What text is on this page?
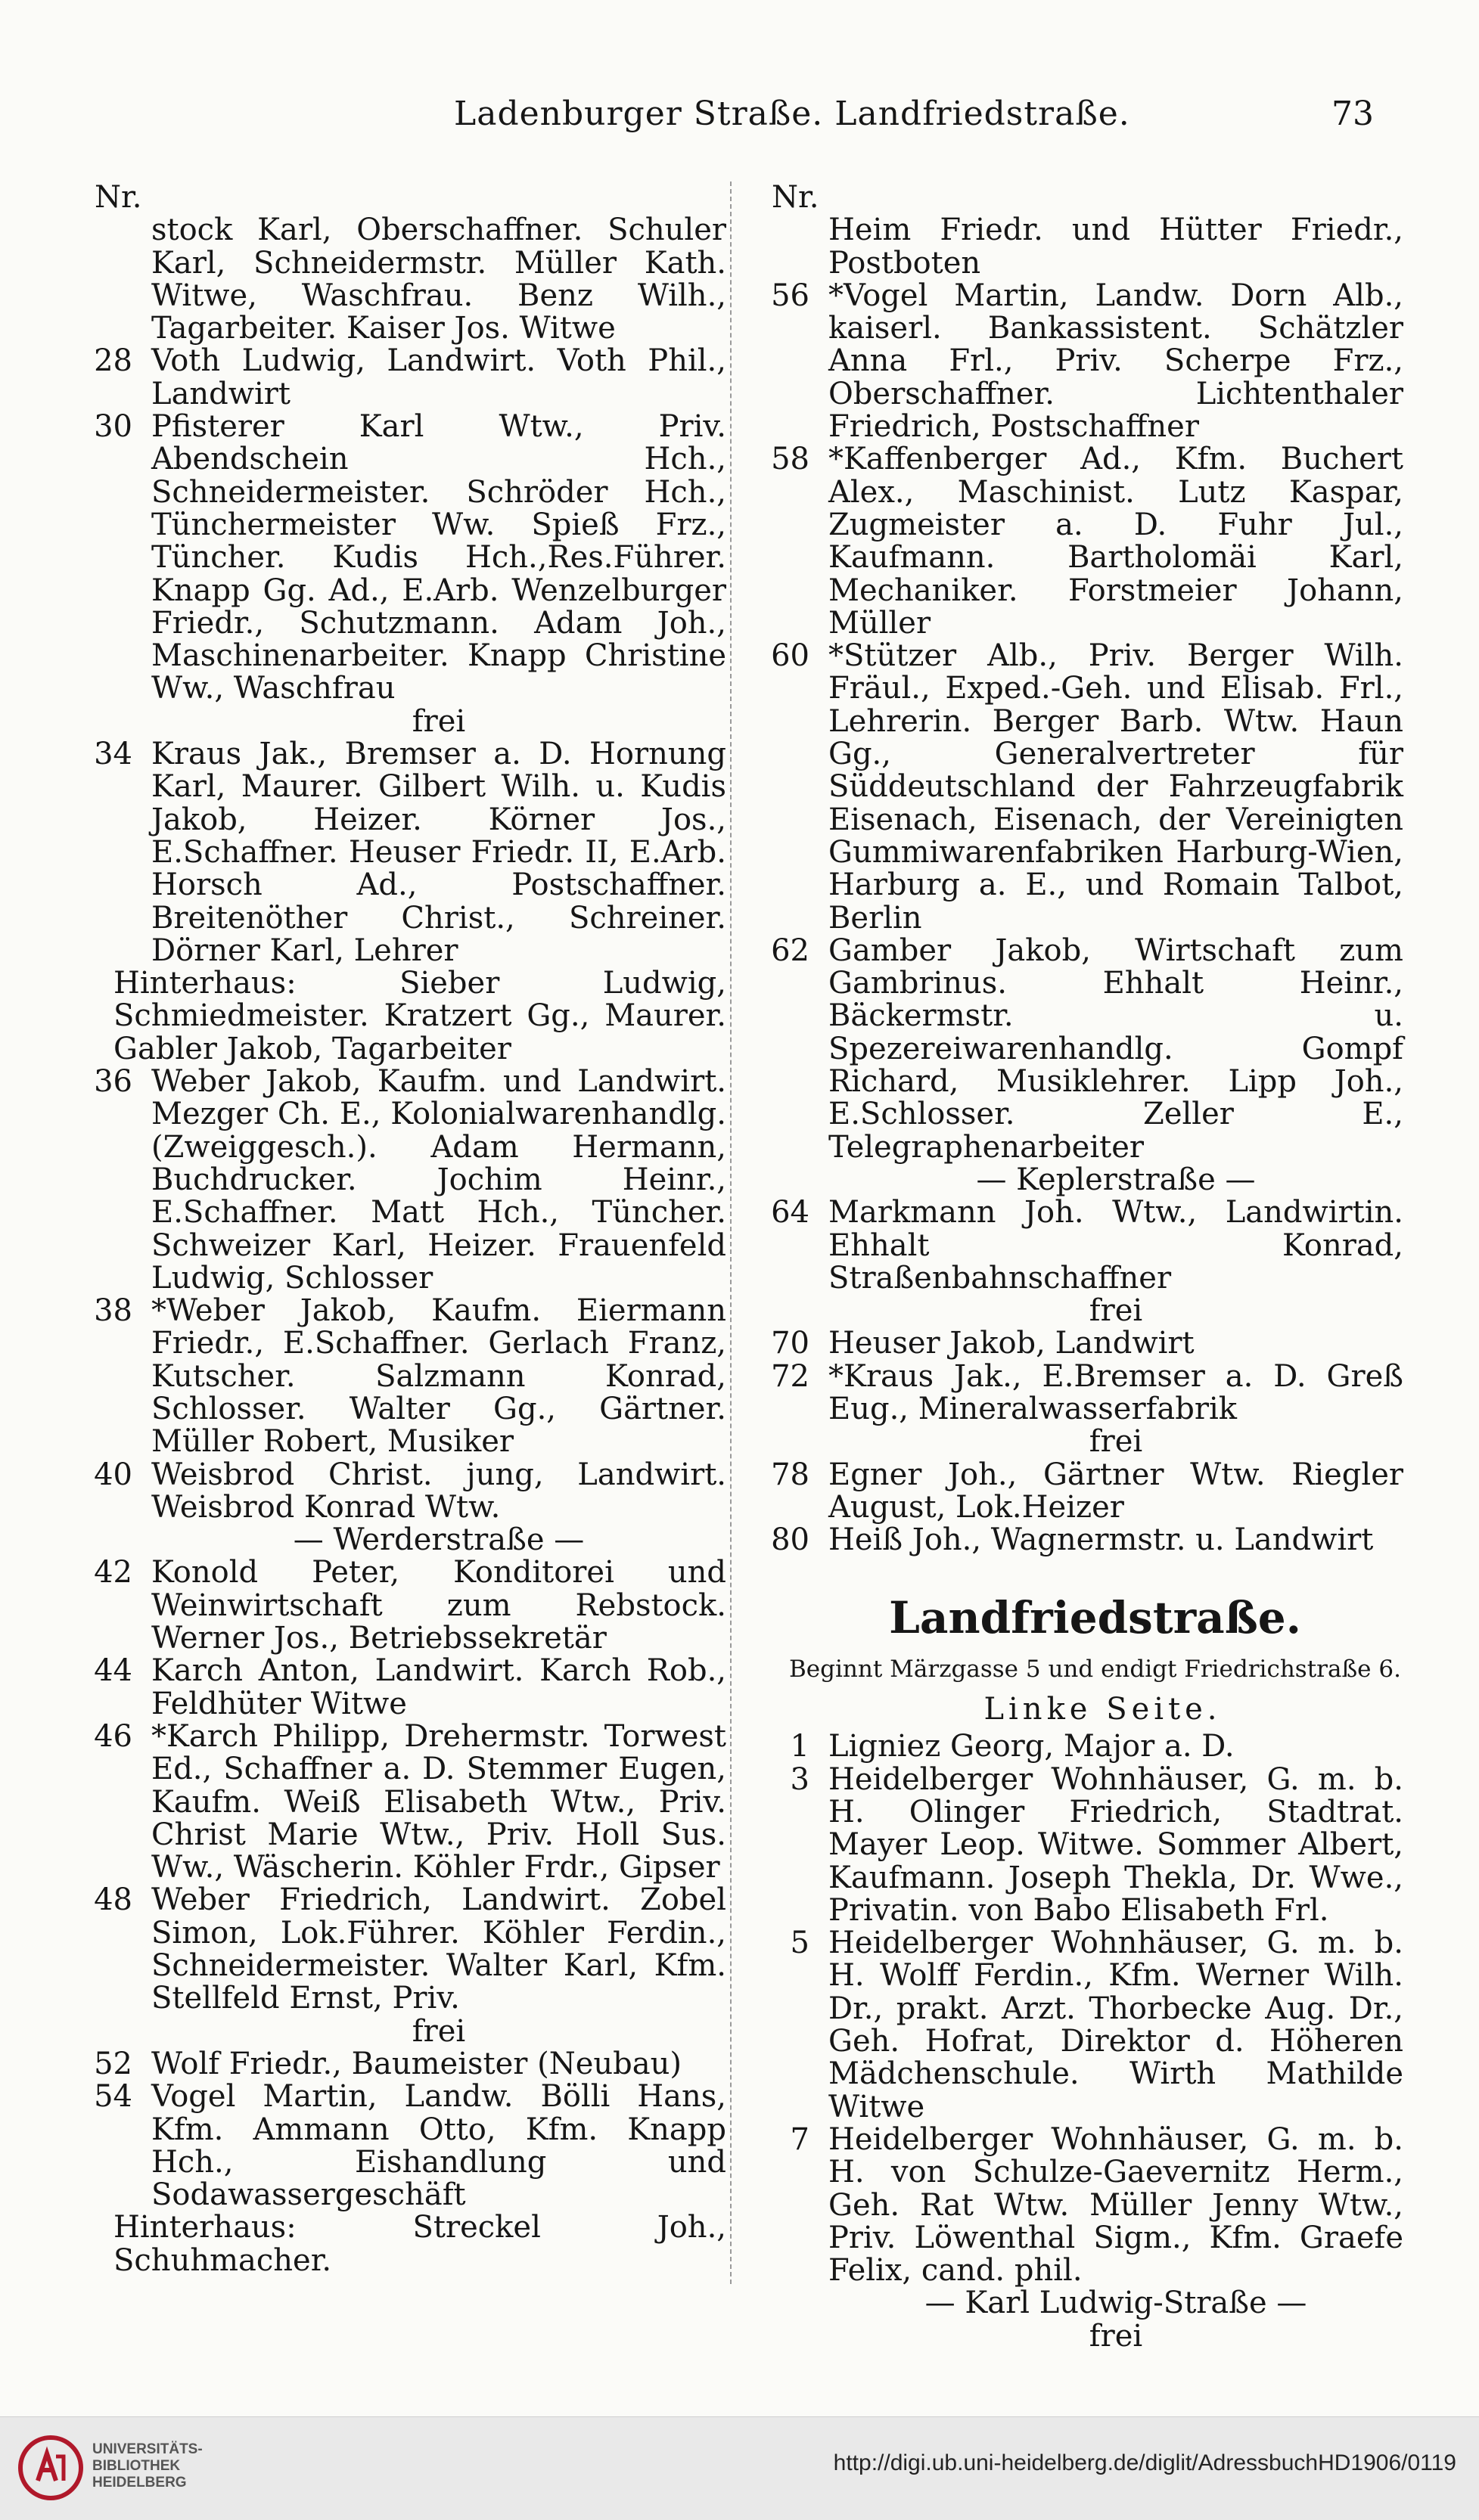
Ladenburger Straße. Landfriedstraße.	73
Nr.
stock Karl, Oberschaffner. Schuler Karl, Schneidermstr. Müller Kath. Witwe, Waschfrau. Benz Wilh., Tagarbeiter. Kaiser Jos. Witwe
28 Voth Ludwig, Landwirt. Voth Phil., Landwirt
30 Pfisterer Karl Wtw., Priv. Abendschein Hch., Schneidermeister. Schröder Hch., Tünchermeister Ww. Spieß Frz., Tüncher. Kudis Hch.,Res.Führer. Knapp Gg. Ad., E.Arb. Wenzelburger Friedr., Schutzmann. Adam Joh., Maschinenarbeiter. Knapp Christine Ww., Waschfrau
frei
34 Kraus Jak., Bremser a. D. Hornung Karl, Maurer. Gilbert Wilh. u. Kudis Jakob, Heizer. Körner Jos., E.Schaffner. Heuser Friedr. II, E.Arb. Horsch Ad., Postschaffner. Breitenöther Christ., Schreiner. Dörner Karl, Lehrer
Hinterhaus: Sieber Ludwig, Schmiedmeister. Kratzert Gg., Maurer. Gabler Jakob, Tagarbeiter
36 Weber Jakob, Kaufm. und Landwirt. Mezger Ch. E., Kolonialwarenhandlg. (Zweiggesch.). Adam Hermann, Buchdrucker. Jochim Heinr., E.Schaffner. Matt Hch., Tüncher. Schweizer Karl, Heizer. Frauenfeld Ludwig, Schlosser
38 *Weber Jakob, Kaufm. Eiermann Friedr., E.Schaffner. Gerlach Franz, Kutscher. Salzmann Konrad, Schlosser. Walter Gg., Gärtner. Müller Robert, Musiker
40 Weisbrod Christ. jung, Landwirt. Weisbrod Konrad Wtw.
— Werderstraße —
42 Konold Peter, Konditorei und Weinwirtschaft zum Rebstock. Werner Jos., Betriebssekretär
44 Karch Anton, Landwirt. Karch Rob., Feldhüter Witwe
46 *Karch Philipp, Drehermstr. Torwest Ed., Schaffner a. D. Stemmer Eugen, Kaufm. Weiß Elisabeth Wtw., Priv. Christ Marie Wtw., Priv. Holl Sus. Ww., Wäscherin. Köhler Frdr., Gipser
48 Weber Friedrich, Landwirt. Zobel Simon, Lok.Führer. Köhler Ferdin., Schneidermeister. Walter Karl, Kfm. Stellfeld Ernst, Priv.
frei
52 Wolf Friedr., Baumeister (Neubau)
54 Vogel Martin, Landw. Bölli Hans, Kfm. Ammann Otto, Kfm. Knapp Hch., Eishandlung und Sodawassergeschäft
Hinterhaus: Streckel Joh., Schuhmacher.
Nr.
Heim Friedr. und Hütter Friedr., Postboten
56 *Vogel Martin, Landw. Dorn Alb., kaiserl. Bankassistent. Schätzler Anna Frl., Priv. Scherpe Frz., Oberschaffner. Lichtenthaler Friedrich, Postschaffner
58 *Kaffenberger Ad., Kfm. Buchert Alex., Maschinist. Lutz Kaspar, Zugmeister a. D. Fuhr Jul., Kaufmann. Bartholomäi Karl, Mechaniker. Forstmeier Johann, Müller
60 *Stützer Alb., Priv. Berger Wilh. Fräul., Exped.-Geh. und Elisab. Frl., Lehrerin. Berger Barb. Wtw. Haun Gg., Generalvertreter für Süddeutschland der Fahrzeugfabrik Eisenach, Eisenach, der Vereinigten Gummiwarenfabriken Harburg-Wien, Harburg a. E., und Romain Talbot, Berlin
62 Gamber Jakob, Wirtschaft zum Gambrinus. Ehhalt Heinr., Bäckermstr. u. Spezereiwarenhandlg. Gompf Richard, Musiklehrer. Lipp Joh., E.Schlosser. Zeller E., Telegraphenarbeiter
— Keplerstraße —
64 Markmann Joh. Wtw., Landwirtin. Ehhalt Konrad, Straßenbahnschaffner
frei
70 Heuser Jakob, Landwirt
72 *Kraus Jak., E.Bremser a. D. Greß Eug., Mineralwasserfabrik
frei
78 Egner Joh., Gärtner Wtw. Riegler August, Lok.Heizer
80 Heiß Joh., Wagnermstr. u. Landwirt
Landfriedstraße.
Beginnt Märzgasse 5 und endigt Friedrichstraße 6.
Linke Seite.
1 Ligniez Georg, Major a. D.
3 Heidelberger Wohnhäuser, G. m. b. H. Olinger Friedrich, Stadtrat. Mayer Leop. Witwe. Sommer Albert, Kaufmann. Joseph Thekla, Dr. Wwe., Privatin. von Babo Elisabeth Frl.
5 Heidelberger Wohnhäuser, G. m. b. H. Wolff Ferdin., Kfm. Werner Wilh. Dr., prakt. Arzt. Thorbecke Aug. Dr., Geh. Hofrat, Direktor d. Höheren Mädchenschule. Wirth Mathilde Witwe
7 Heidelberger Wohnhäuser, G. m. b. H. von Schulze-Gaevernitz Herm., Geh. Rat Wtw. Müller Jenny Wtw., Priv. Löwenthal Sigm., Kfm. Graefe Felix, cand. phil.
— Karl Ludwig-Straße —
frei
UNIVERSITÄTS-
BIBLIOTHEK
HEIDELBERG
http://digi.ub.uni-heidelberg.de/diglit/AdressbuchHD1906/0119
